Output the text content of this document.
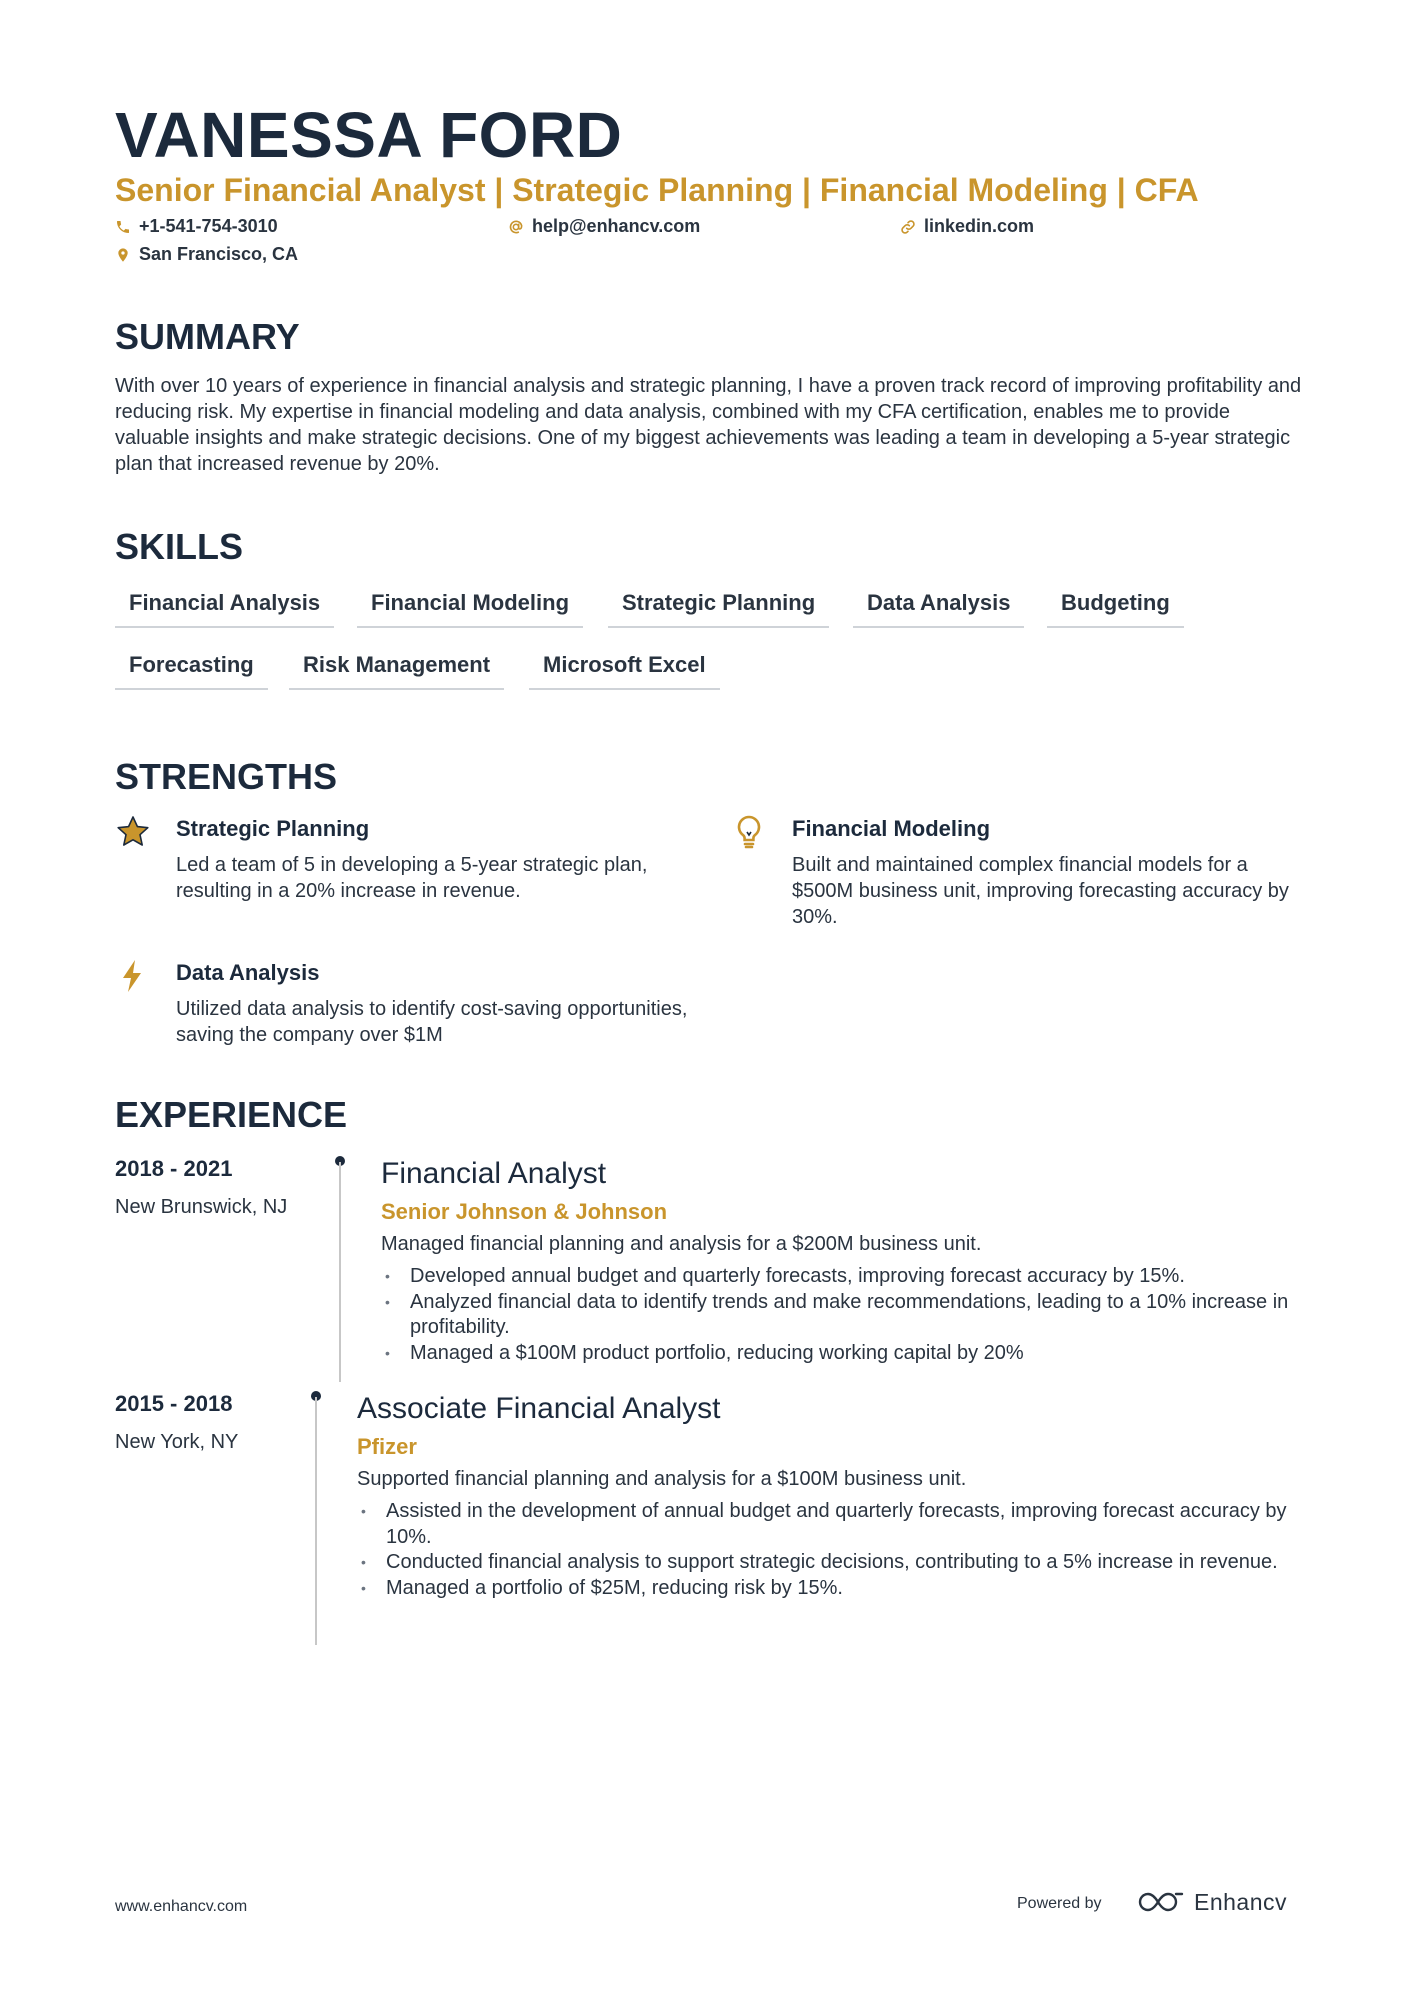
VANESSA FORD
Senior Financial Analyst | Strategic Planning | Financial Modeling | CFA
+1-541-754-3010	help@enhancv.com	linkedin.com
San Francisco, CA
SUMMARY
With over 10 years of experience in financial analysis and strategic planning, I have a proven track record of improving profitability and reducing risk. My expertise in financial modeling and data analysis, combined with my CFA certification, enables me to provide valuable insights and make strategic decisions. One of my biggest achievements was leading a team in developing a 5-year strategic plan that increased revenue by 20%.
SKILLS
Financial Analysis	Financial Modeling	Strategic Planning	Data Analysis	Budgeting
Forecasting	Risk Management	Microsoft Excel
STRENGTHS
Strategic Planning
Led a team of 5 in developing a 5-year strategic plan, resulting in a 20% increase in revenue.
Financial Modeling
Built and maintained complex financial models for a $500M business unit, improving forecasting accuracy by 30%.
Data Analysis
Utilized data analysis to identify cost-saving opportunities, saving the company over $1M
EXPERIENCE
2018 - 2021
New Brunswick, NJ
Financial Analyst
Senior Johnson & Johnson
Managed financial planning and analysis for a $200M business unit.
• Developed annual budget and quarterly forecasts, improving forecast accuracy by 15%.
• Analyzed financial data to identify trends and make recommendations, leading to a 10% increase in profitability.
• Managed a $100M product portfolio, reducing working capital by 20%
2015 - 2018
New York, NY
Associate Financial Analyst
Pfizer
Supported financial planning and analysis for a $100M business unit.
• Assisted in the development of annual budget and quarterly forecasts, improving forecast accuracy by 10%.
• Conducted financial analysis to support strategic decisions, contributing to a 5% increase in revenue.
• Managed a portfolio of $25M, reducing risk by 15%.
www.enhancv.com	Powered by	Enhancv
